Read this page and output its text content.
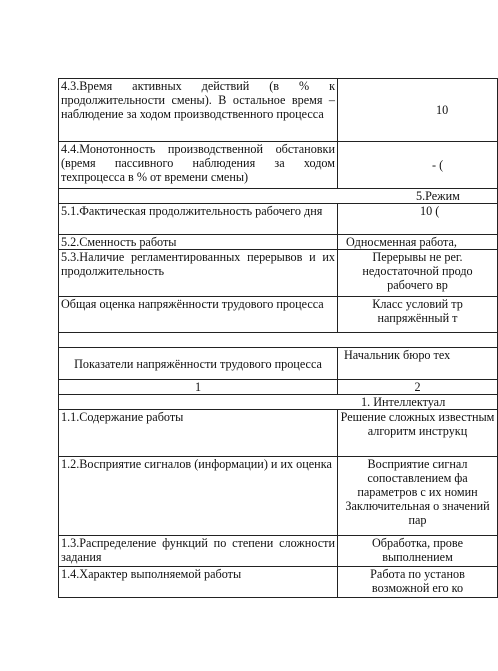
4.3.Время активных действий (в % к продолжительности смены). В остальное время – наблюдение за ходом производственного процесса	10
4.4.Монотонность производственной обстановки (время пассивного наблюдения за ходом техпроцесса в % от времени смены)	- (
5.Режим	
5.1.Фактическая продолжительность рабочего дня	10 (
5.2.Сменность работы	Односменная работа,
5.3.Наличие регламентированных перерывов и их продолжительность	Перерывы не рег. недостаточной продо рабочего вр
Общая оценка напряжённости трудового процесса	Класс условий тр напряжённый т

Показатели напряжённости трудового процесса	Начальник бюро тех
1	2
1. Интеллектуал	
1.1.Содержание работы	Решение сложных известным алгоритм инструкц
1.2.Восприятие сигналов (информации) и их оценка	Восприятие сигнал сопоставлением фа параметров с их номин Заключительная о значений пар
1.3.Распределение функций по степени сложности задания	Обработка, прове выполнением
1.4.Характер выполняемой работы	Работа по установ возможной его ко
